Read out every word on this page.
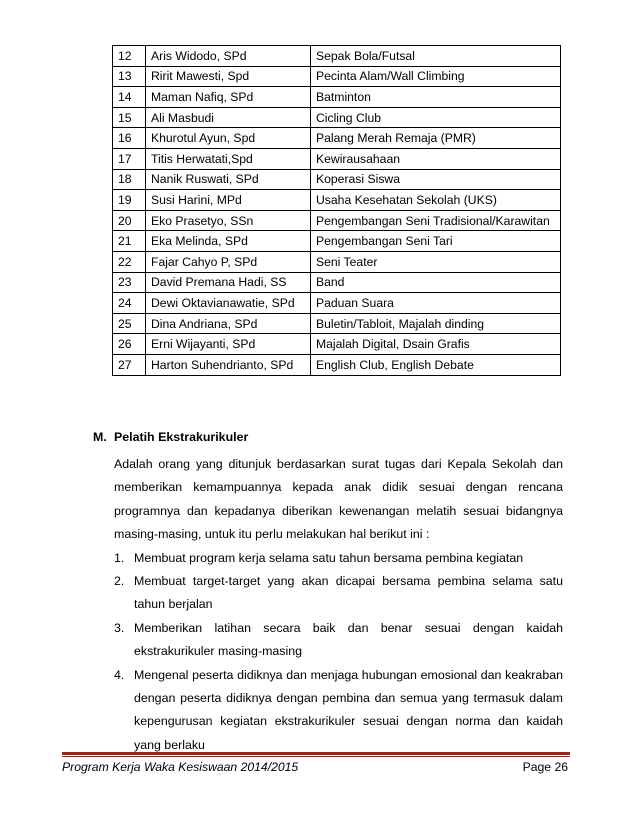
12	Aris Widodo, SPd	Sepak Bola/Futsal
13	Ririt Mawesti, Spd	Pecinta Alam/Wall Climbing
14	Maman Nafiq, SPd	Batminton
15	Ali Masbudi	Cicling Club
16	Khurotul Ayun, Spd	Palang Merah Remaja (PMR)
17	Titis Herwatati,Spd	Kewirausahaan
18	Nanik Ruswati, SPd	Koperasi Siswa
19	Susi Harini, MPd	Usaha Kesehatan Sekolah (UKS)
20	Eko Prasetyo, SSn	Pengembangan Seni Tradisional/Karawitan
21	Eka Melinda, SPd	Pengembangan Seni Tari
22	Fajar Cahyo P, SPd	Seni Teater
23	David Premana Hadi, SS	Band
24	Dewi Oktavianawatie, SPd	Paduan Suara
25	Dina Andriana, SPd	Buletin/Tabloit, Majalah dinding
26	Erni Wijayanti, SPd	Majalah Digital, Dsain Grafis
27	Harton Suhendrianto, SPd	English Club, English Debate

M. Pelatih Ekstrakurikuler

Adalah orang yang ditunjuk berdasarkan surat tugas dari Kepala Sekolah dan memberikan kemampuannya kepada anak didik sesuai dengan rencana programnya dan kepadanya diberikan kewenangan melatih sesuai bidangnya masing-masing, untuk itu perlu melakukan hal berikut ini :

1. Membuat program kerja selama satu tahun bersama pembina kegiatan
2. Membuat target-target yang akan dicapai bersama pembina selama satu tahun berjalan
3. Memberikan latihan secara baik dan benar sesuai dengan kaidah ekstrakurikuler masing-masing
4. Mengenal peserta didiknya dan menjaga hubungan emosional dan keakraban dengan peserta didiknya dengan pembina dan semua yang termasuk dalam kepengurusan kegiatan ekstrakurikuler sesuai dengan norma dan kaidah yang berlaku
Program Kerja Waka Kesiswaan 2014/2015	Page 26
